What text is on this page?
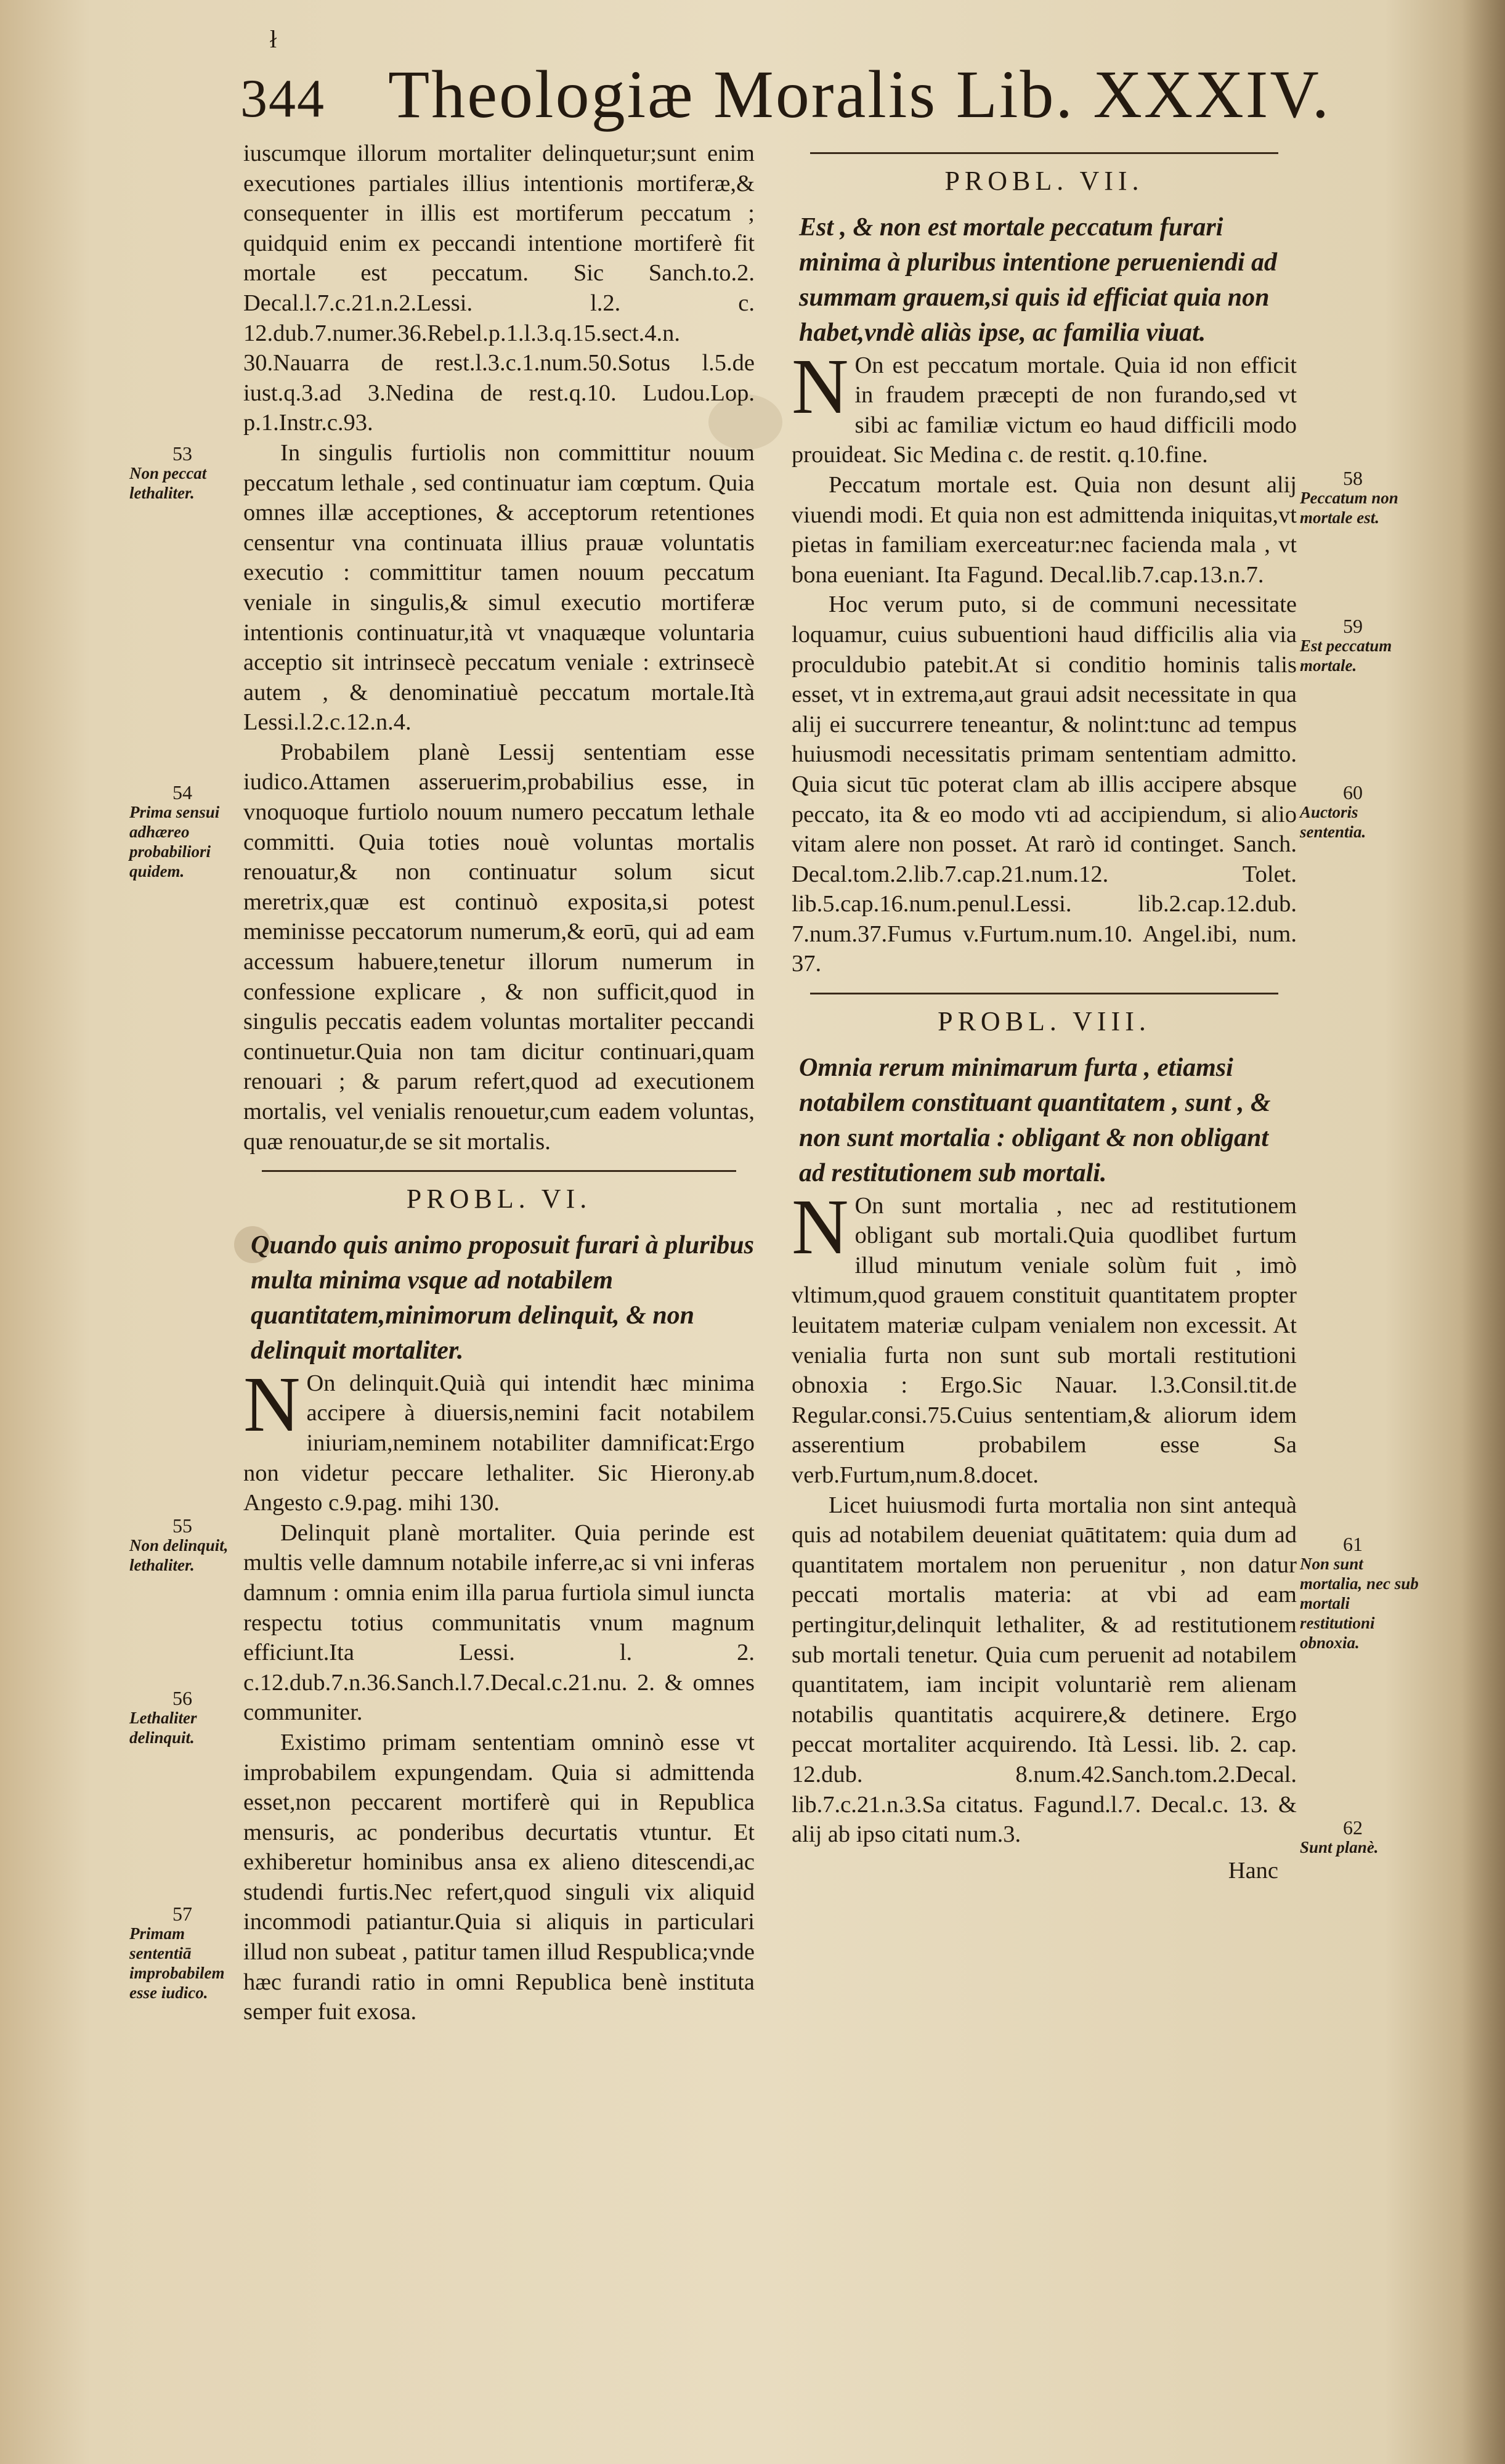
ł
344 Theologiæ Moralis Lib. XXXIV.

iuscumque illorum mortaliter delinquetur;sunt enim executiones partiales illius intentionis mortiferæ,& consequenter in illis est mortiferum peccatum ; quidquid enim ex peccandi intentione mortiferè fit mortale est peccatum. Sic Sanch.to.2. Decal.l.7.c.21.n.2.Lessi. l.2. c. 12.dub.7.numer.36.Rebel.p.1.l.3.q.15.sect.4.n. 30.Nauarra de rest.l.3.c.1.num.50.Sotus l.5.de iust.q.3.ad 3.Nedina de rest.q.10. Ludou.Lop. p.1.Instr.c.93.

In singulis furtiolis non committitur nouum peccatum lethale , sed continuatur iam cœptum. Quia omnes illæ acceptiones, & acceptorum retentiones censentur vna continuata illius prauæ voluntatis executio : committitur tamen nouum peccatum veniale in singulis,& simul executio mortiferæ intentionis continuatur,ità vt vnaquæque voluntaria acceptio sit intrinsecè peccatum veniale : extrinsecè autem , & denominatiuè peccatum mortale.Ità Lessi.l.2.c.12.n.4.

Probabilem planè Lessij sententiam esse iudico.Attamen asseruerim,probabilius esse, in vnoquoque furtiolo nouum numero peccatum lethale committi. Quia toties nouè voluntas mortalis renouatur,& non continuatur solum sicut meretrix,quæ est continuò exposita,si potest meminisse peccatorum numerum,& eorū, qui ad eam accessum habuere,tenetur illorum numerum in confessione explicare , & non sufficit,quod in singulis peccatis eadem voluntas mortaliter peccandi continuetur.Quia non tam dicitur continuari,quam renouari ; & parum refert,quod ad executionem mortalis, vel venialis renouetur,cum eadem voluntas, quæ renouatur,de se sit mortalis.

PROBL. VI.

Quando quis animo proposuit furari à pluribus multa minima vsque ad notabilem quantitatem,minimorum delinquit, & non delinquit mortaliter.

N On delinquit.Quià qui intendit hæc minima accipere à diuersis,nemini facit notabilem iniuriam,neminem notabiliter damnificat:Ergo non videtur peccare lethaliter. Sic Hierony.ab Angesto c.9.pag. mihi 130.

Delinquit planè mortaliter. Quia perinde est multis velle damnum notabile inferre,ac si vni inferas damnum : omnia enim illa parua furtiola simul iuncta respectu totius communitatis vnum magnum efficiunt.Ita Lessi. l. 2. c.12.dub.7.n.36.Sanch.l.7.Decal.c.21.nu. 2. & omnes communiter.

Existimo primam sententiam omninò esse vt improbabilem expungendam. Quia si admittenda esset,non peccarent mortiferè qui in Republica mensuris, ac ponderibus decurtatis vtuntur. Et exhiberetur hominibus ansa ex alieno ditescendi,ac studendi furtis.Nec refert,quod singuli vix aliquid incommodi patiantur.Quia si aliquis in particulari illud non subeat , patitur tamen illud Respublica;vnde hæc furandi ratio in omni Republica benè instituta semper fuit exosa.

PROBL. VII.

Est , & non est mortale peccatum furari minima à pluribus intentione perueniendi ad summam grauem,si quis id efficiat quia non habet,vndè aliàs ipse, ac familia viuat.

N On est peccatum mortale. Quia id non efficit in fraudem præcepti de non furando,sed vt sibi ac familiæ victum eo haud difficili modo prouideat. Sic Medina c. de restit. q.10.fine.

Peccatum mortale est. Quia non desunt alij viuendi modi. Et quia non est admittenda iniquitas,vt pietas in familiam exerceatur:nec facienda mala , vt bona eueniant. Ita Fagund. Decal.lib.7.cap.13.n.7.

Hoc verum puto, si de communi necessitate loquamur, cuius subuentioni haud difficilis alia via proculdubio patebit.At si conditio hominis talis esset, vt in extrema,aut graui adsit necessitate in qua alij ei succurrere teneantur, & nolint:tunc ad tempus huiusmodi necessitatis primam sententiam admitto. Quia sicut tūc poterat clam ab illis accipere absque peccato, ita & eo modo vti ad accipiendum, si alio vitam alere non posset. At rarò id continget. Sanch. Decal.tom.2.lib.7.cap.21.num.12. Tolet. lib.5.cap.16.num.penul.Lessi. lib.2.cap.12.dub. 7.num.37.Fumus v.Furtum.num.10. Angel.ibi, num. 37.

PROBL. VIII.

Omnia rerum minimarum furta , etiamsi notabilem constituant quantitatem , sunt , & non sunt mortalia : obligant & non obligant ad restitutionem sub mortali.

N On sunt mortalia , nec ad restitutionem obligant sub mortali.Quia quodlibet furtum illud minutum veniale solùm fuit , imò vltimum,quod grauem constituit quantitatem propter leuitatem materiæ culpam venialem non excessit. At venialia furta non sunt sub mortali restitutioni obnoxia : Ergo.Sic Nauar. l.3.Consil.tit.de Regular.consi.75.Cuius sententiam,& aliorum idem asserentium probabilem esse Sa verb.Furtum,num.8.docet.

Licet huiusmodi furta mortalia non sint antequà quis ad notabilem deueniat quātitatem: quia dum ad quantitatem mortalem non peruenitur , non datur peccati mortalis materia: at vbi ad eam pertingitur,delinquit lethaliter, & ad restitutionem sub mortali tenetur. Quia cum peruenit ad notabilem quantitatem, iam incipit voluntariè rem alienam notabilis quantitatis acquirere,& detinere. Ergo peccat mortaliter acquirendo. Ità Lessi. lib. 2. cap. 12.dub. 8.num.42.Sanch.tom.2.Decal. lib.7.c.21.n.3.Sa citatus. Fagund.l.7. Decal.c. 13. & alij ab ipso citati num.3.

Hanc

53
Non peccat lethaliter.
54
Prima sensui adhæreo probabiliori quidem.
55
Non delinquit, lethaliter.
56
Lethaliter delinquit.
57
Primam sententiā improbabilem esse iudico.
58
Peccatum non mortale est.
59
Est peccatum mortale.
60
Auctoris sententia.
61
Non sunt mortalia, nec sub mortali restitutioni obnoxia.
62
Sunt planè.
